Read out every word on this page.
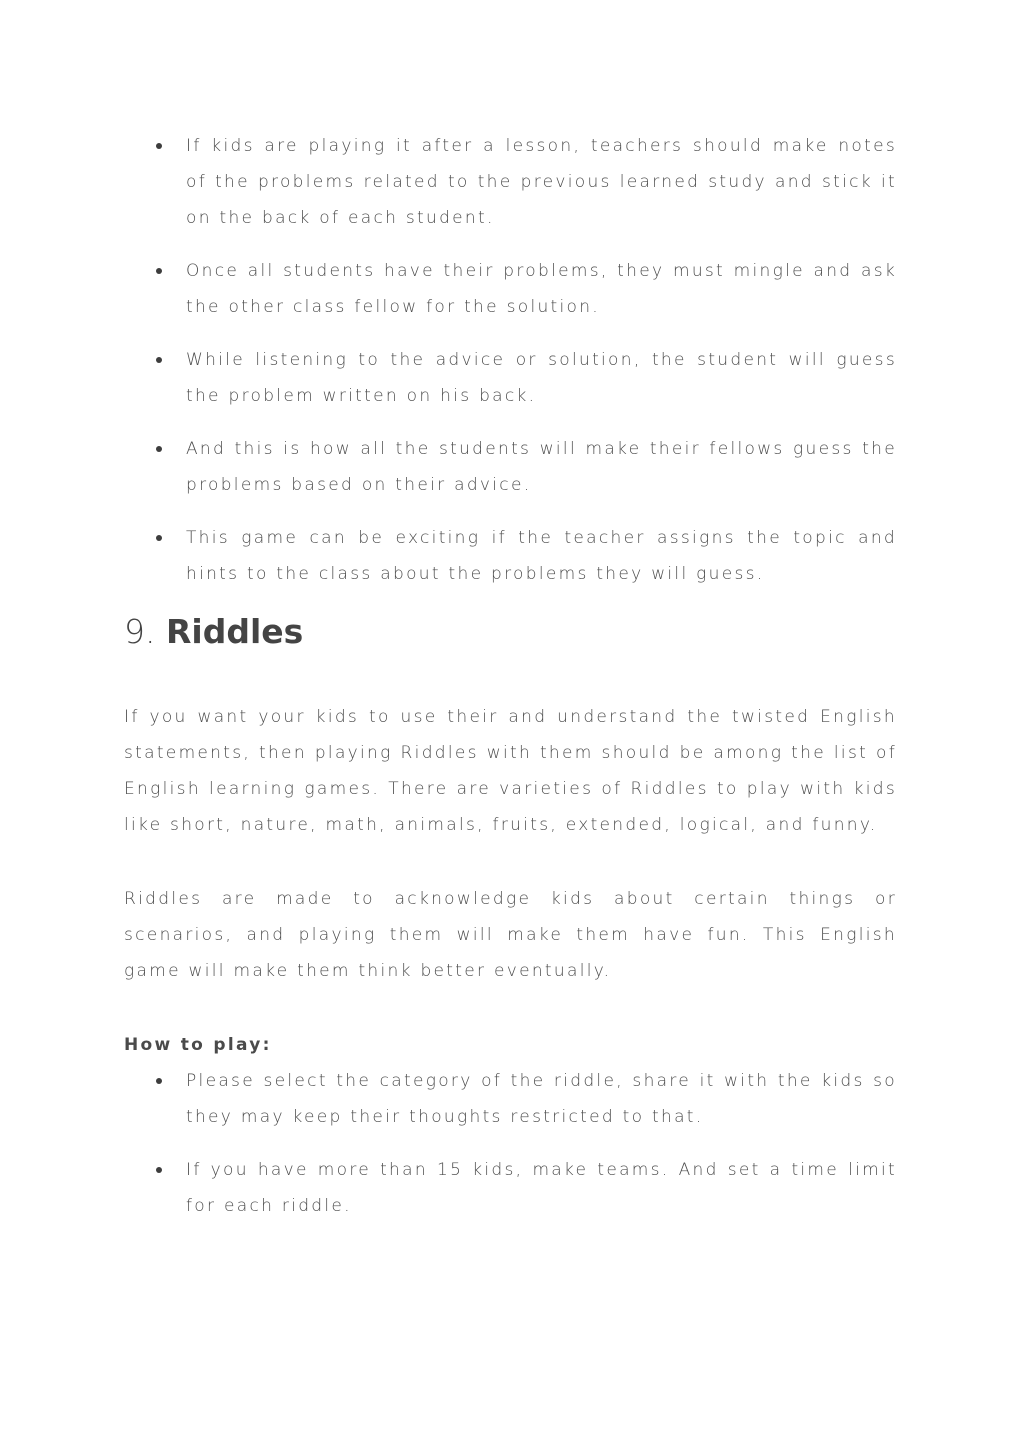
If kids are playing it after a lesson, teachers should make notes of the problems related to the previous learned study and stick it on the back of each student.

Once all students have their problems, they must mingle and ask the other class fellow for the solution.

While listening to the advice or solution, the student will guess the problem written on his back.

And this is how all the students will make their fellows guess the problems based on their advice.

This game can be exciting if the teacher assigns the topic and hints to the class about the problems they will guess.

9. Riddles

If you want your kids to use their and understand the twisted English statements, then playing Riddles with them should be among the list of English learning games. There are varieties of Riddles to play with kids like short, nature, math, animals, fruits, extended, logical, and funny.

Riddles are made to acknowledge kids about certain things or scenarios, and playing them will make them have fun. This English game will make them think better eventually.

How to play:

Please select the category of the riddle, share it with the kids so they may keep their thoughts restricted to that.

If you have more than 15 kids, make teams. And set a time limit for each riddle.
